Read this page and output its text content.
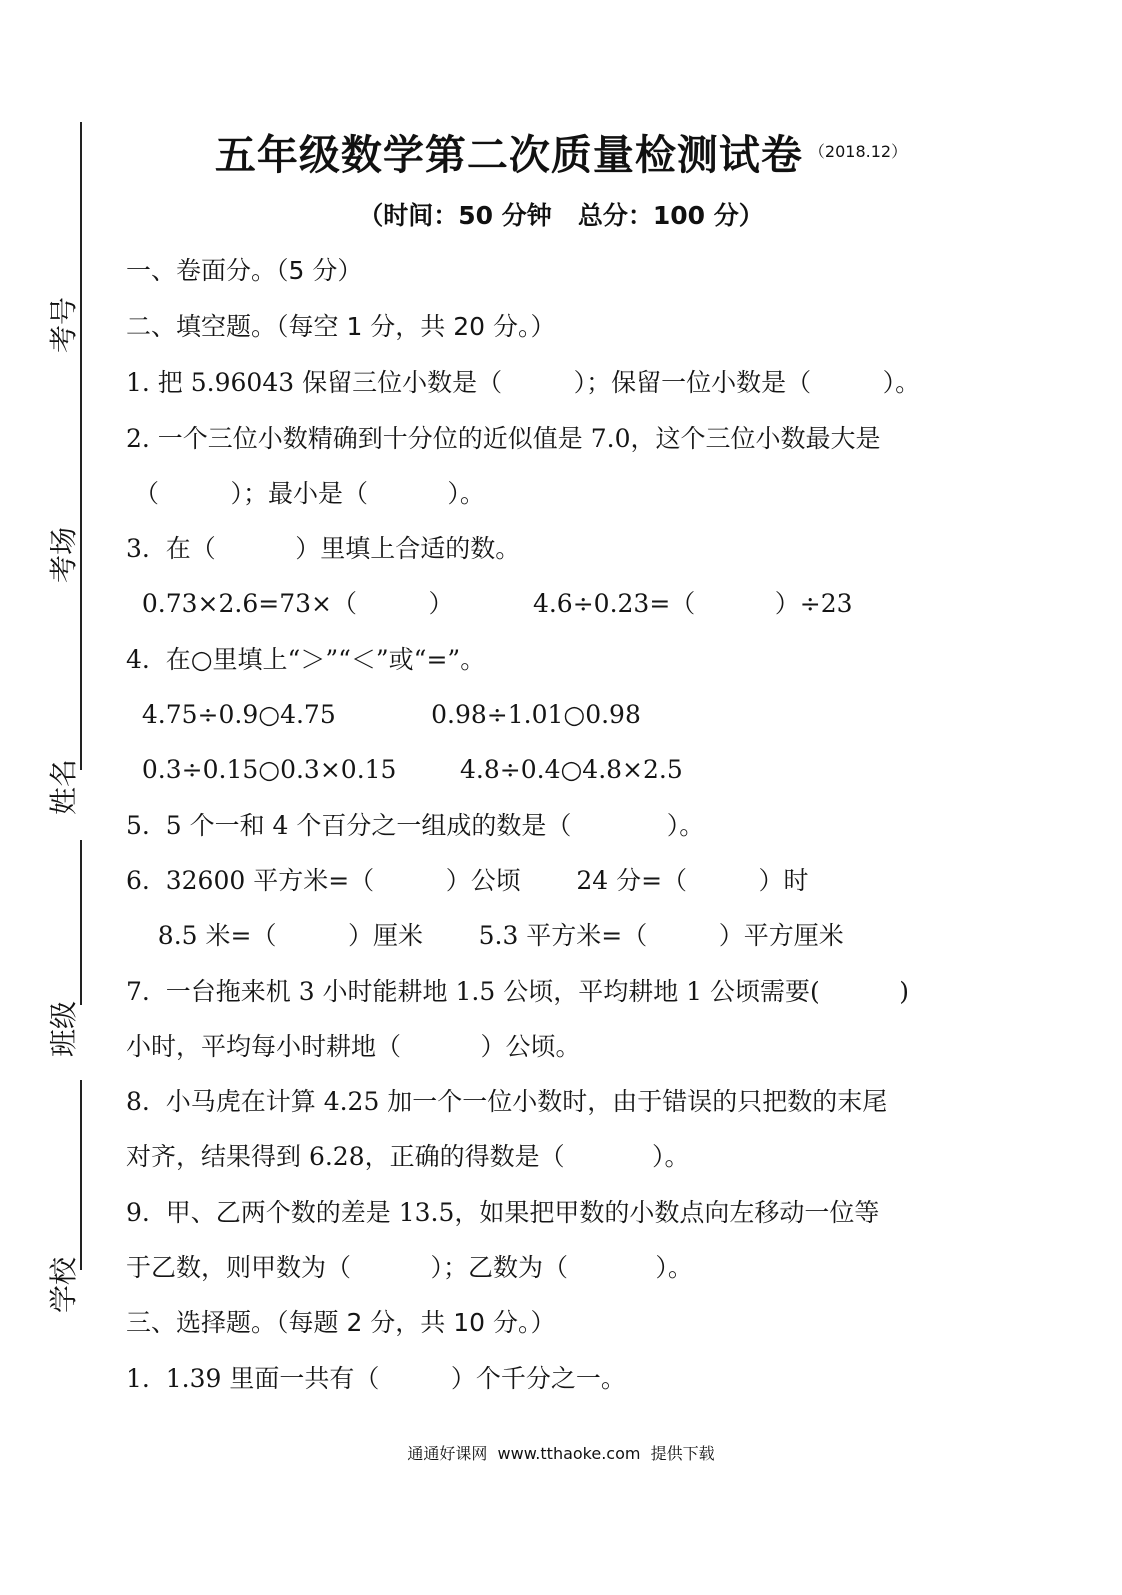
考号
考场
姓名
班级
学校
五年级数学第二次质量检测试卷 （2018.12）
（时间：50 分钟   总分：100 分）
一、卷面分。（5 分）
二、填空题。（每空 1 分，共 20 分。）
1. 把 5.96043 保留三位小数是（         ）；保留一位小数是（         ）。
2. 一个三位小数精确到十分位的近似值是 7.0，这个三位小数最大是
（         ）；最小是（          ）。
3.  在（          ）里填上合适的数。
0.73×2.6=73×（         ）          4.6÷0.23=（          ）÷23
4.  在○里填上“＞”“＜”或“=”。
4.75÷0.9○4.75            0.98÷1.01○0.98
0.3÷0.15○0.3×0.15        4.8÷0.4○4.8×2.5
5.  5 个一和 4 个百分之一组成的数是（            ）。
6.  32600 平方米=（         ）公顷       24 分=（         ）时
8.5 米=（         ）厘米       5.3 平方米=（         ）平方厘米
7.  一台拖来机 3 小时能耕地 1.5 公顷，平均耕地 1 公顷需要(          )
小时，平均每小时耕地（          ）公顷。
8.  小马虎在计算 4.25 加一个一位小数时，由于错误的只把数的末尾
对齐，结果得到 6.28，正确的得数是（           ）。
9.  甲、乙两个数的差是 13.5，如果把甲数的小数点向左移动一位等
于乙数，则甲数为（          ）；乙数为（           ）。
三、选择题。（每题 2 分，共 10 分。）
1.  1.39 里面一共有（         ）个千分之一。
通通好课网  www.tthaoke.com  提供下载
